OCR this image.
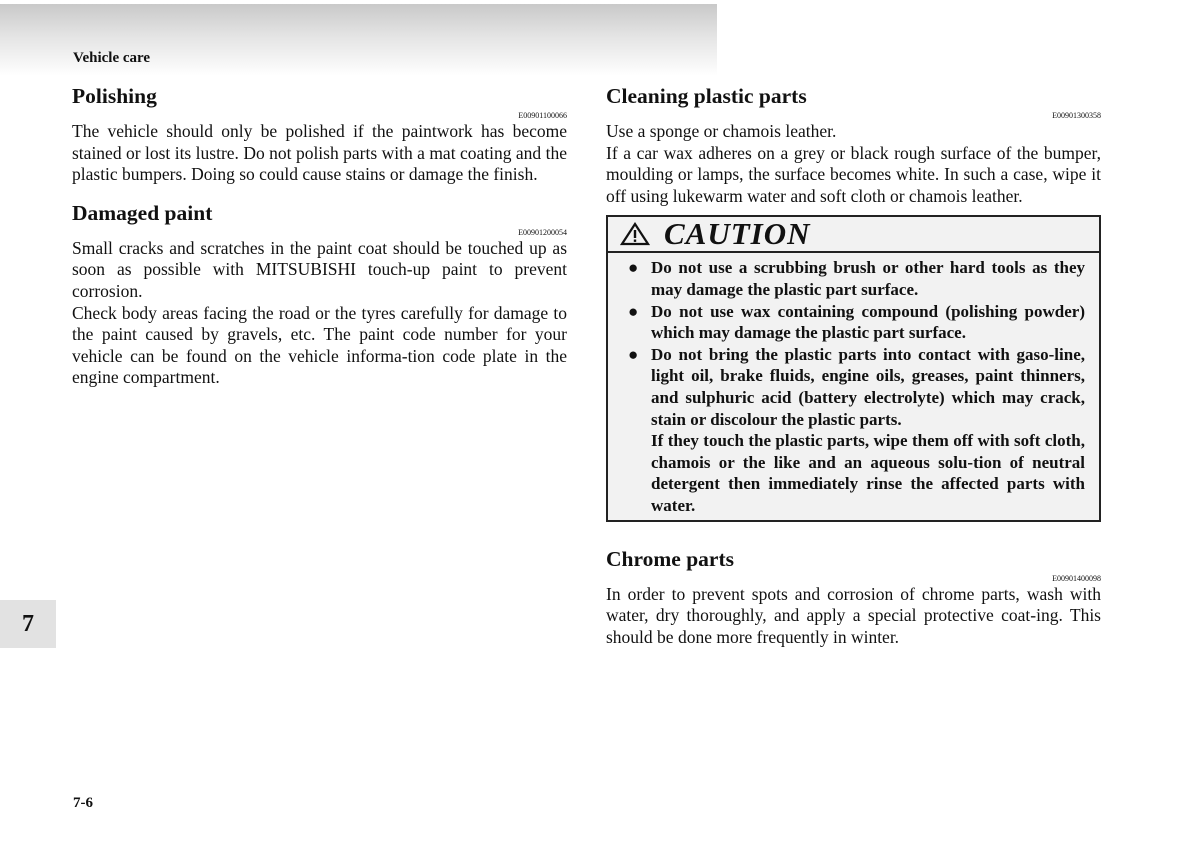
Vehicle care
Polishing
E00901100066

The vehicle should only be polished if the paintwork has become stained or lost its lustre. Do not polish parts with a mat coating and the plastic bumpers. Doing so could cause stains or damage the finish.

Damaged paint
E00901200054

Small cracks and scratches in the paint coat should be touched up as soon as possible with MITSUBISHI touch-up paint to prevent corrosion.

Check body areas facing the road or the tyres carefully for damage to the paint caused by gravels, etc. The paint code number for your vehicle can be found on the vehicle informa-tion code plate in the engine compartment.

Cleaning plastic parts
E00901300358

Use a sponge or chamois leather.

If a car wax adheres on a grey or black rough surface of the bumper, moulding or lamps, the surface becomes white. In such a case, wipe it off using lukewarm water and soft cloth or chamois leather.

CAUTION
● Do not use a scrubbing brush or other hard tools as they may damage the plastic part surface.
● Do not use wax containing compound (polishing powder) which may damage the plastic part surface.
● Do not bring the plastic parts into contact with gaso-line, light oil, brake fluids, engine oils, greases, paint thinners, and sulphuric acid (battery electrolyte) which may crack, stain or discolour the plastic parts.
If they touch the plastic parts, wipe them off with soft cloth, chamois or the like and an aqueous solu-tion of neutral detergent then immediately rinse the affected parts with water.
Chrome parts
E00901400098

In order to prevent spots and corrosion of chrome parts, wash with water, dry thoroughly, and apply a special protective coat-ing. This should be done more frequently in winter.

7
7-6
